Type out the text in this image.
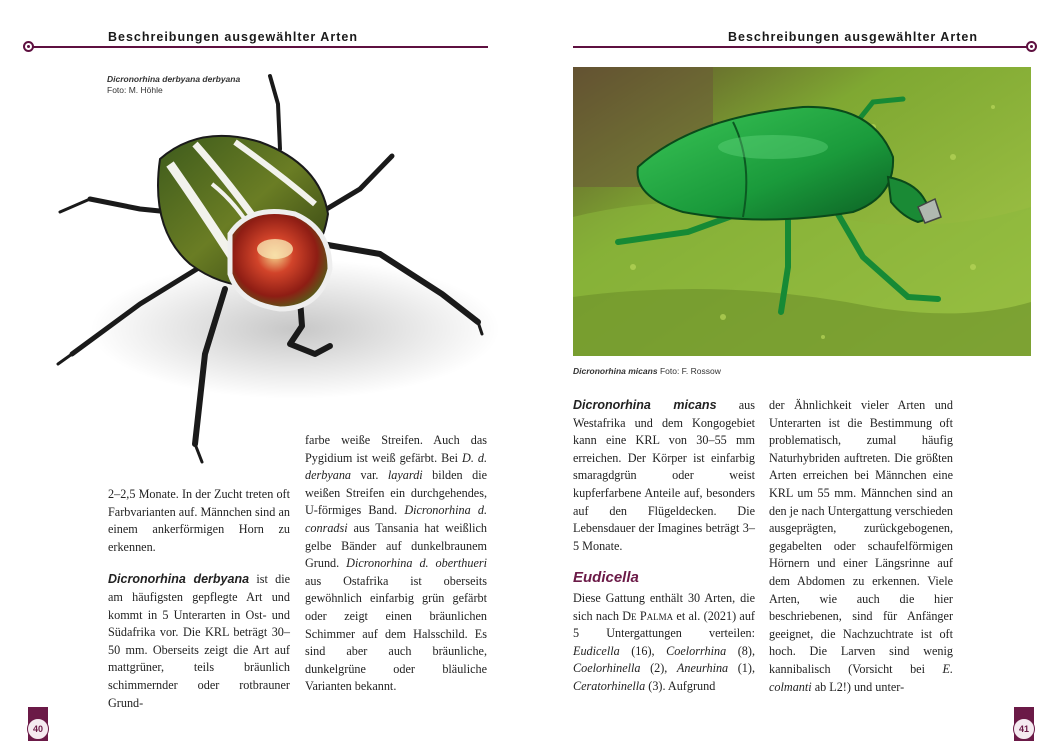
Beschreibungen ausgewählter Arten
Dicronorhina derbyana derbyana
Foto: M. Höhle

2–2,5 Monate. In der Zucht treten oft Farbvarianten auf. Männchen sind an einem ankerförmigen Horn zu erkennen.

Dicronorhina derbyana ist die am häufigsten gepflegte Art und kommt in 5 Unterarten in Ost- und Südafrika vor. Die KRL beträgt 30–50 mm. Oberseits zeigt die Art auf mattgrüner, teils bräunlich schimmernder oder rotbrauner Grund-

farbe weiße Streifen. Auch das Pygidium ist weiß gefärbt. Bei D. d. derbyana var. layardi bilden die weißen Streifen ein durchgehendes, U-förmiges Band. Dicronorhina d. conradsi aus Tansania hat weißlich gelbe Bänder auf dunkelbraunem Grund. Dicronorhina d. oberthueri aus Ostafrika ist oberseits gewöhnlich einfarbig grün gefärbt oder zeigt einen bräunlichen Schimmer auf dem Halsschild. Es sind aber auch bräunliche, dunkelgrüne oder bläuliche Varianten bekannt.

40
Beschreibungen ausgewählter Arten
Dicronorhina micans Foto: F. Rossow

Dicronorhina micans aus Westafrika und dem Kongogebiet kann eine KRL von 30–55 mm erreichen. Der Körper ist einfarbig smaragdgrün oder weist kupferfarbene Anteile auf, besonders auf den Flügeldecken. Die Lebensdauer der Imagines beträgt 3–5 Monate.

Eudicella

Diese Gattung enthält 30 Arten, die sich nach De Palma et al. (2021) auf 5 Untergattungen verteilen: Eudicella (16), Coelorrhina (8), Coelorhinella (2), Aneurhina (1), Ceratorhinella (3). Aufgrund

der Ähnlichkeit vieler Arten und Unterarten ist die Bestimmung oft problematisch, zumal häufig Naturhybriden auftreten. Die größten Arten erreichen bei Männchen eine KRL um 55 mm. Männchen sind an den je nach Untergattung verschieden ausgeprägten, zurückgebogenen, gegabelten oder schaufelförmigen Hörnern und einer Längsrinne auf dem Abdomen zu erkennen. Viele Arten, wie auch die hier beschriebenen, sind für Anfänger geeignet, die Nachzuchtrate ist oft hoch. Die Larven sind wenig kannibalisch (Vorsicht bei E. colmanti ab L2!) und unter-

41
